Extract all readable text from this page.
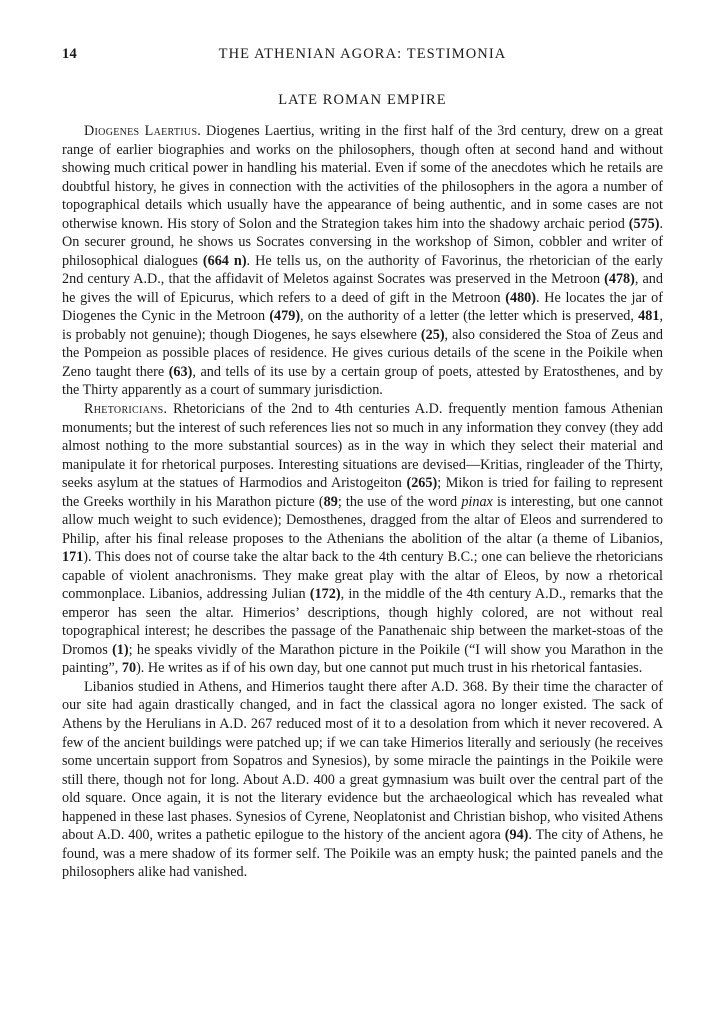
14	THE ATHENIAN AGORA: TESTIMONIA
LATE ROMAN EMPIRE

Diogenes Laertius. Diogenes Laertius, writing in the first half of the 3rd century, drew on a great range of earlier biographies and works on the philosophers, though often at second hand and without showing much critical power in handling his material. Even if some of the anecdotes which he retails are doubtful history, he gives in connection with the activities of the philosophers in the agora a number of topographical details which usually have the appearance of being authentic, and in some cases are not otherwise known. His story of Solon and the Strategion takes him into the shadowy archaic period (575). On securer ground, he shows us Socrates conversing in the workshop of Simon, cobbler and writer of philosophical dialogues (664 n). He tells us, on the authority of Favorinus, the rhetorician of the early 2nd century A.D., that the affidavit of Meletos against Socrates was preserved in the Metroon (478), and he gives the will of Epicurus, which refers to a deed of gift in the Metroon (480). He locates the jar of Diogenes the Cynic in the Metroon (479), on the authority of a letter (the letter which is preserved, 481, is probably not genuine); though Diogenes, he says elsewhere (25), also considered the Stoa of Zeus and the Pompeion as possible places of residence. He gives curious details of the scene in the Poikile when Zeno taught there (63), and tells of its use by a certain group of poets, attested by Eratosthenes, and by the Thirty apparently as a court of summary jurisdiction.

Rhetoricians. Rhetoricians of the 2nd to 4th centuries A.D. frequently mention famous Athenian monuments; but the interest of such references lies not so much in any information they convey (they add almost nothing to the more substantial sources) as in the way in which they select their material and manipulate it for rhetorical purposes. Interesting situations are devised—Kritias, ringleader of the Thirty, seeks asylum at the statues of Harmodios and Aristogeiton (265); Mikon is tried for failing to represent the Greeks worthily in his Marathon picture (89; the use of the word pinax is interesting, but one cannot allow much weight to such evidence); Demosthenes, dragged from the altar of Eleos and surrendered to Philip, after his final release proposes to the Athenians the abolition of the altar (a theme of Libanios, 171). This does not of course take the altar back to the 4th century B.C.; one can believe the rhetoricians capable of violent anachronisms. They make great play with the altar of Eleos, by now a rhetorical commonplace. Libanios, addressing Julian (172), in the middle of the 4th century A.D., remarks that the emperor has seen the altar. Himerios’ descriptions, though highly colored, are not without real topographical interest; he describes the passage of the Panathenaic ship between the market-stoas of the Dromos (1); he speaks vividly of the Marathon picture in the Poikile (“I will show you Marathon in the painting”, 70). He writes as if of his own day, but one cannot put much trust in his rhetorical fantasies.

Libanios studied in Athens, and Himerios taught there after A.D. 368. By their time the character of our site had again drastically changed, and in fact the classical agora no longer existed. The sack of Athens by the Herulians in A.D. 267 reduced most of it to a desolation from which it never recovered. A few of the ancient buildings were patched up; if we can take Himerios literally and seriously (he receives some uncertain support from Sopatros and Synesios), by some miracle the paintings in the Poikile were still there, though not for long. About A.D. 400 a great gymnasium was built over the central part of the old square. Once again, it is not the literary evidence but the archaeological which has revealed what happened in these last phases. Synesios of Cyrene, Neoplatonist and Christian bishop, who visited Athens about A.D. 400, writes a pathetic epilogue to the history of the ancient agora (94). The city of Athens, he found, was a mere shadow of its former self. The Poikile was an empty husk; the painted panels and the philosophers alike had vanished.
